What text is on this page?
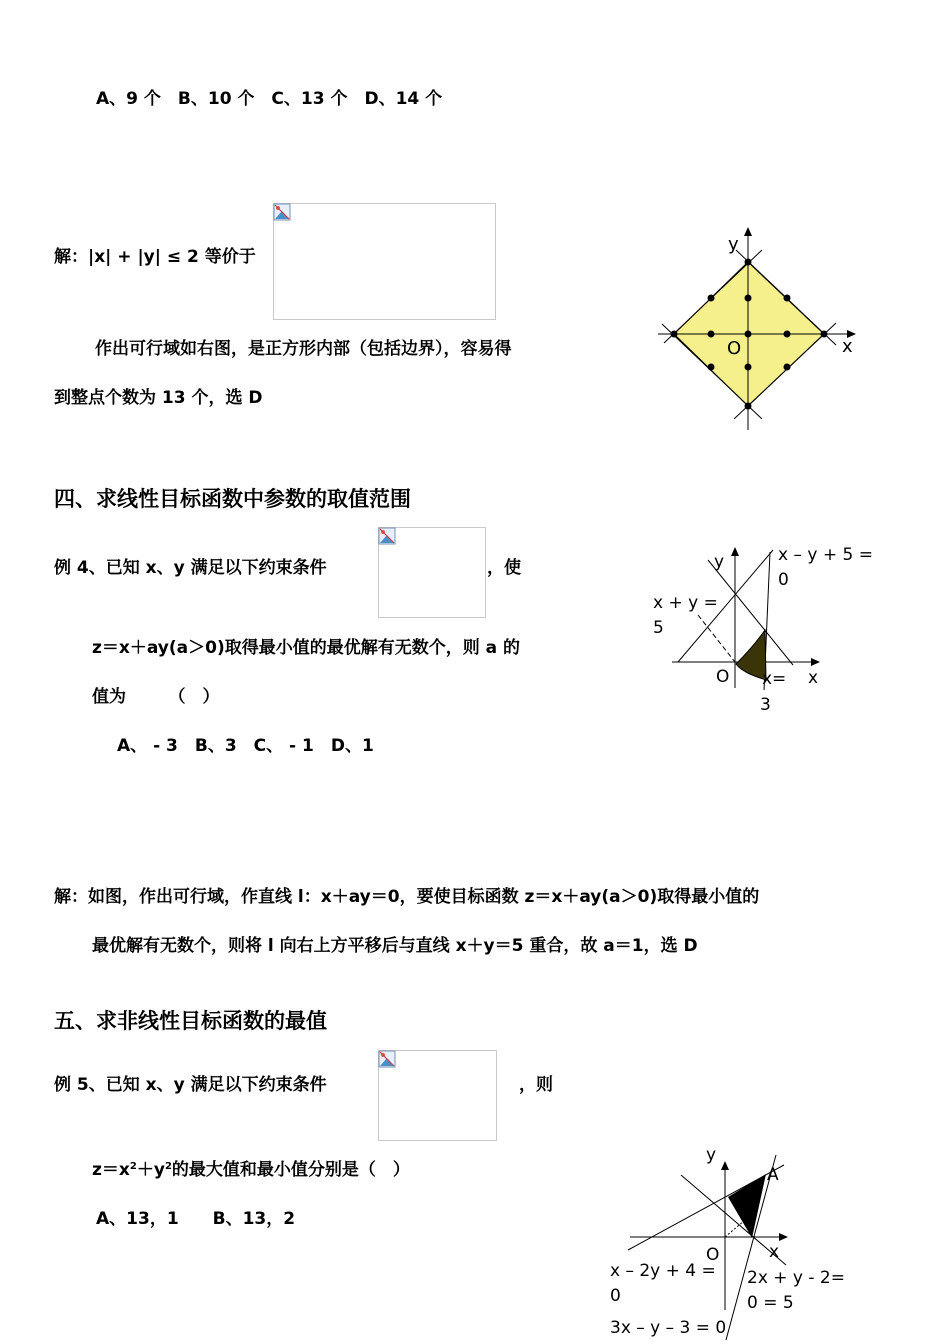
A、9 个　B、10 个　C、13 个　D、14 个
解：|x| + |y| ≤ 2 等价于
作出可行域如右图，是正方形内部（包括边界），容易得
到整点个数为 13 个，选 D
y
x
O
四、求线性目标函数中参数的取值范围
例 4、已知 x、y 满足以下约束条件	，使
z＝x＋ay(a＞0)取得最小值的最优解有无数个，则 a 的
值为　　　（　）
A、 - 3　B、3　C、 - 1　D、1
y
x
O
x – y + 5 =
0
x + y =
5
x=
3
解：如图，作出可行域，作直线 l：x＋ay＝0，要使目标函数 z＝x＋ay(a＞0)取得最小值的
最优解有无数个，则将 l 向右上方平移后与直线 x＋y＝5 重合，故 a＝1，选 D
五、求非线性目标函数的最值
例 5、已知 x、y 满足以下约束条件	，则
$z=x^2+y^2$的最大值和最小值分别是（　）
A、13，1　　B、13，2
y
x
O
A
x – 2y + 4 =
0
2x + y - 2=
0 = 5
3x – y – 3 = 0
